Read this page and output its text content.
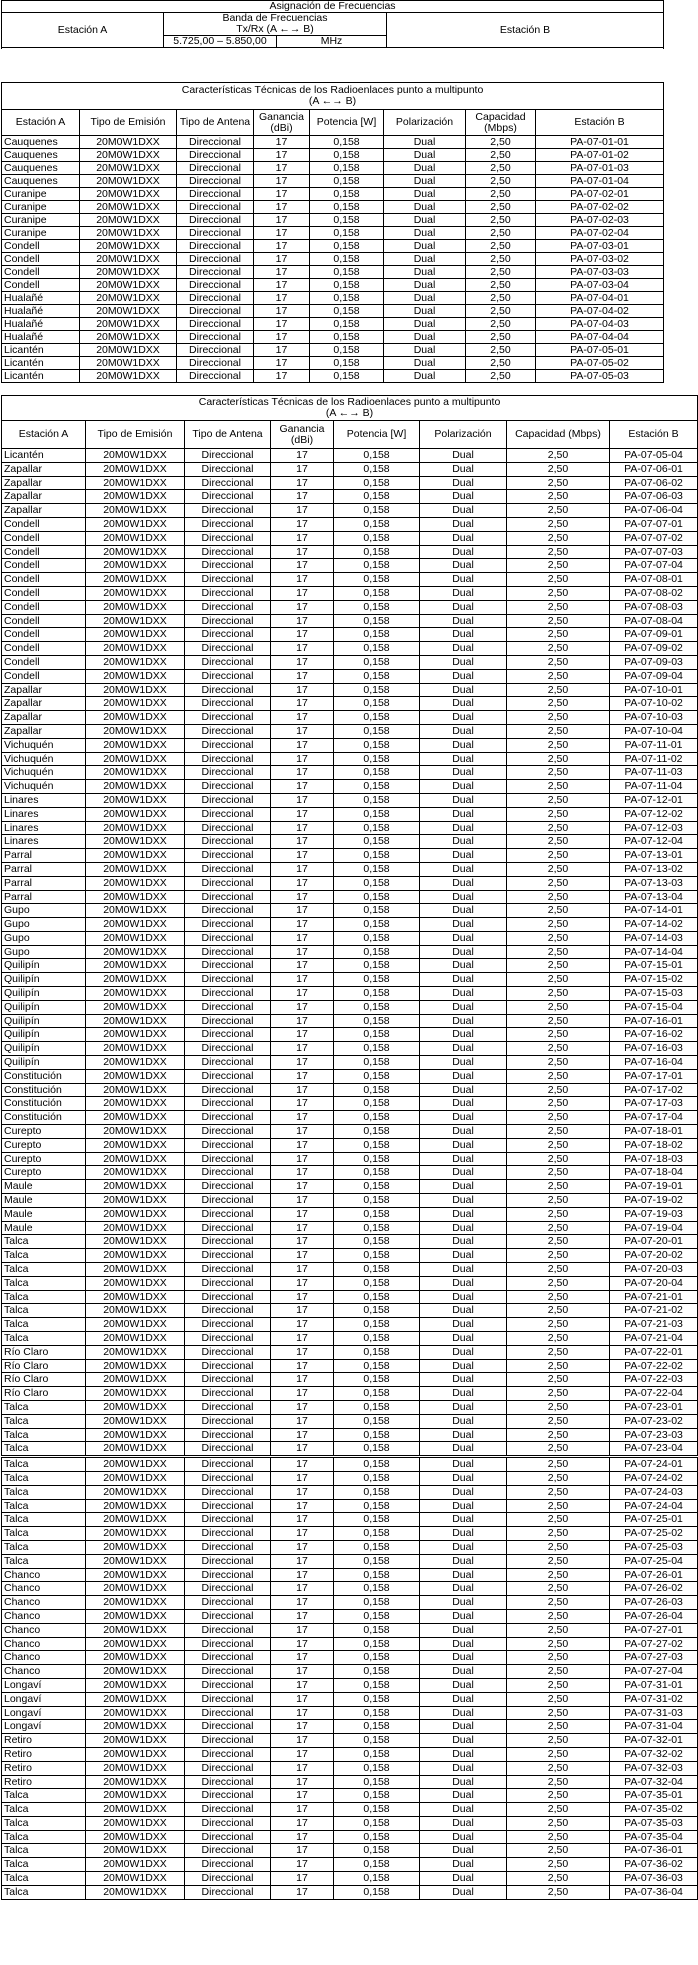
Asignación de Frecuencias			
Estación A	Banda de Frecuencias		Estación B
	Tx/Rx (A ←→ B)		
	5.725,00 – 5.850,00	MHz	

Características Técnicas de los Radioenlaces punto a multipunto
(A ←→ B)							
Estación A	Tipo de Emisión	Tipo de Antena	Ganancia (dBi)	Potencia [W]	Polarización	Capacidad (Mbps)	Estación B
Cauquenes	20M0W1DXX	Direccional	17	0,158	Dual	2,50	PA-07-01-01
Cauquenes	20M0W1DXX	Direccional	17	0,158	Dual	2,50	PA-07-01-02
Cauquenes	20M0W1DXX	Direccional	17	0,158	Dual	2,50	PA-07-01-03
Cauquenes	20M0W1DXX	Direccional	17	0,158	Dual	2,50	PA-07-01-04
Curanipe	20M0W1DXX	Direccional	17	0,158	Dual	2,50	PA-07-02-01
Curanipe	20M0W1DXX	Direccional	17	0,158	Dual	2,50	PA-07-02-02
Curanipe	20M0W1DXX	Direccional	17	0,158	Dual	2,50	PA-07-02-03
Curanipe	20M0W1DXX	Direccional	17	0,158	Dual	2,50	PA-07-02-04
Condell	20M0W1DXX	Direccional	17	0,158	Dual	2,50	PA-07-03-01
Condell	20M0W1DXX	Direccional	17	0,158	Dual	2,50	PA-07-03-02
Condell	20M0W1DXX	Direccional	17	0,158	Dual	2,50	PA-07-03-03
Condell	20M0W1DXX	Direccional	17	0,158	Dual	2,50	PA-07-03-04
Hualañé	20M0W1DXX	Direccional	17	0,158	Dual	2,50	PA-07-04-01
Hualañé	20M0W1DXX	Direccional	17	0,158	Dual	2,50	PA-07-04-02
Hualañé	20M0W1DXX	Direccional	17	0,158	Dual	2,50	PA-07-04-03
Hualañé	20M0W1DXX	Direccional	17	0,158	Dual	2,50	PA-07-04-04
Licantén	20M0W1DXX	Direccional	17	0,158	Dual	2,50	PA-07-05-01
Licantén	20M0W1DXX	Direccional	17	0,158	Dual	2,50	PA-07-05-02
Licantén	20M0W1DXX	Direccional	17	0,158	Dual	2,50	PA-07-05-03
Características Técnicas de los Radioenlaces punto a multipunto
(A ←→ B)							
Estación A	Tipo de Emisión	Tipo de Antena	Ganancia (dBi)	Potencia [W]	Polarización	Capacidad (Mbps)	Estación B
Licantén	20M0W1DXX	Direccional	17	0,158	Dual	2,50	PA-07-05-04
Zapallar	20M0W1DXX	Direccional	17	0,158	Dual	2,50	PA-07-06-01
Zapallar	20M0W1DXX	Direccional	17	0,158	Dual	2,50	PA-07-06-02
Zapallar	20M0W1DXX	Direccional	17	0,158	Dual	2,50	PA-07-06-03
Zapallar	20M0W1DXX	Direccional	17	0,158	Dual	2,50	PA-07-06-04
Condell	20M0W1DXX	Direccional	17	0,158	Dual	2,50	PA-07-07-01
Condell	20M0W1DXX	Direccional	17	0,158	Dual	2,50	PA-07-07-02
Condell	20M0W1DXX	Direccional	17	0,158	Dual	2,50	PA-07-07-03
Condell	20M0W1DXX	Direccional	17	0,158	Dual	2,50	PA-07-07-04
Condell	20M0W1DXX	Direccional	17	0,158	Dual	2,50	PA-07-08-01
Condell	20M0W1DXX	Direccional	17	0,158	Dual	2,50	PA-07-08-02
Condell	20M0W1DXX	Direccional	17	0,158	Dual	2,50	PA-07-08-03
Condell	20M0W1DXX	Direccional	17	0,158	Dual	2,50	PA-07-08-04
Condell	20M0W1DXX	Direccional	17	0,158	Dual	2,50	PA-07-09-01
Condell	20M0W1DXX	Direccional	17	0,158	Dual	2,50	PA-07-09-02
Condell	20M0W1DXX	Direccional	17	0,158	Dual	2,50	PA-07-09-03
Condell	20M0W1DXX	Direccional	17	0,158	Dual	2,50	PA-07-09-04
Zapallar	20M0W1DXX	Direccional	17	0,158	Dual	2,50	PA-07-10-01
Zapallar	20M0W1DXX	Direccional	17	0,158	Dual	2,50	PA-07-10-02
Zapallar	20M0W1DXX	Direccional	17	0,158	Dual	2,50	PA-07-10-03
Zapallar	20M0W1DXX	Direccional	17	0,158	Dual	2,50	PA-07-10-04
Vichuquén	20M0W1DXX	Direccional	17	0,158	Dual	2,50	PA-07-11-01
Vichuquén	20M0W1DXX	Direccional	17	0,158	Dual	2,50	PA-07-11-02
Vichuquén	20M0W1DXX	Direccional	17	0,158	Dual	2,50	PA-07-11-03
Vichuquén	20M0W1DXX	Direccional	17	0,158	Dual	2,50	PA-07-11-04
Linares	20M0W1DXX	Direccional	17	0,158	Dual	2,50	PA-07-12-01
Linares	20M0W1DXX	Direccional	17	0,158	Dual	2,50	PA-07-12-02
Linares	20M0W1DXX	Direccional	17	0,158	Dual	2,50	PA-07-12-03
Linares	20M0W1DXX	Direccional	17	0,158	Dual	2,50	PA-07-12-04
Parral	20M0W1DXX	Direccional	17	0,158	Dual	2,50	PA-07-13-01
Parral	20M0W1DXX	Direccional	17	0,158	Dual	2,50	PA-07-13-02
Parral	20M0W1DXX	Direccional	17	0,158	Dual	2,50	PA-07-13-03
Parral	20M0W1DXX	Direccional	17	0,158	Dual	2,50	PA-07-13-04
Gupo	20M0W1DXX	Direccional	17	0,158	Dual	2,50	PA-07-14-01
Gupo	20M0W1DXX	Direccional	17	0,158	Dual	2,50	PA-07-14-02
Gupo	20M0W1DXX	Direccional	17	0,158	Dual	2,50	PA-07-14-03
Gupo	20M0W1DXX	Direccional	17	0,158	Dual	2,50	PA-07-14-04
Quilipín	20M0W1DXX	Direccional	17	0,158	Dual	2,50	PA-07-15-01
Quilipín	20M0W1DXX	Direccional	17	0,158	Dual	2,50	PA-07-15-02
Quilipín	20M0W1DXX	Direccional	17	0,158	Dual	2,50	PA-07-15-03
Quilipín	20M0W1DXX	Direccional	17	0,158	Dual	2,50	PA-07-15-04
Quilipín	20M0W1DXX	Direccional	17	0,158	Dual	2,50	PA-07-16-01
Quilipín	20M0W1DXX	Direccional	17	0,158	Dual	2,50	PA-07-16-02
Quilipín	20M0W1DXX	Direccional	17	0,158	Dual	2,50	PA-07-16-03
Quilipín	20M0W1DXX	Direccional	17	0,158	Dual	2,50	PA-07-16-04
Constitución	20M0W1DXX	Direccional	17	0,158	Dual	2,50	PA-07-17-01
Constitución	20M0W1DXX	Direccional	17	0,158	Dual	2,50	PA-07-17-02
Constitución	20M0W1DXX	Direccional	17	0,158	Dual	2,50	PA-07-17-03
Constitución	20M0W1DXX	Direccional	17	0,158	Dual	2,50	PA-07-17-04
Curepto	20M0W1DXX	Direccional	17	0,158	Dual	2,50	PA-07-18-01
Curepto	20M0W1DXX	Direccional	17	0,158	Dual	2,50	PA-07-18-02
Curepto	20M0W1DXX	Direccional	17	0,158	Dual	2,50	PA-07-18-03
Curepto	20M0W1DXX	Direccional	17	0,158	Dual	2,50	PA-07-18-04
Maule	20M0W1DXX	Direccional	17	0,158	Dual	2,50	PA-07-19-01
Maule	20M0W1DXX	Direccional	17	0,158	Dual	2,50	PA-07-19-02
Maule	20M0W1DXX	Direccional	17	0,158	Dual	2,50	PA-07-19-03
Maule	20M0W1DXX	Direccional	17	0,158	Dual	2,50	PA-07-19-04
Talca	20M0W1DXX	Direccional	17	0,158	Dual	2,50	PA-07-20-01
Talca	20M0W1DXX	Direccional	17	0,158	Dual	2,50	PA-07-20-02
Talca	20M0W1DXX	Direccional	17	0,158	Dual	2,50	PA-07-20-03
Talca	20M0W1DXX	Direccional	17	0,158	Dual	2,50	PA-07-20-04
Talca	20M0W1DXX	Direccional	17	0,158	Dual	2,50	PA-07-21-01
Talca	20M0W1DXX	Direccional	17	0,158	Dual	2,50	PA-07-21-02
Talca	20M0W1DXX	Direccional	17	0,158	Dual	2,50	PA-07-21-03
Talca	20M0W1DXX	Direccional	17	0,158	Dual	2,50	PA-07-21-04
Río Claro	20M0W1DXX	Direccional	17	0,158	Dual	2,50	PA-07-22-01
Río Claro	20M0W1DXX	Direccional	17	0,158	Dual	2,50	PA-07-22-02
Río Claro	20M0W1DXX	Direccional	17	0,158	Dual	2,50	PA-07-22-03
Río Claro	20M0W1DXX	Direccional	17	0,158	Dual	2,50	PA-07-22-04
Talca	20M0W1DXX	Direccional	17	0,158	Dual	2,50	PA-07-23-01
Talca	20M0W1DXX	Direccional	17	0,158	Dual	2,50	PA-07-23-02
Talca	20M0W1DXX	Direccional	17	0,158	Dual	2,50	PA-07-23-03
Talca	20M0W1DXX	Direccional	17	0,158	Dual	2,50	PA-07-23-04
Talca	20M0W1DXX	Direccional	17	0,158	Dual	2,50	PA-07-24-01
Talca	20M0W1DXX	Direccional	17	0,158	Dual	2,50	PA-07-24-02
Talca	20M0W1DXX	Direccional	17	0,158	Dual	2,50	PA-07-24-03
Talca	20M0W1DXX	Direccional	17	0,158	Dual	2,50	PA-07-24-04
Talca	20M0W1DXX	Direccional	17	0,158	Dual	2,50	PA-07-25-01
Talca	20M0W1DXX	Direccional	17	0,158	Dual	2,50	PA-07-25-02
Talca	20M0W1DXX	Direccional	17	0,158	Dual	2,50	PA-07-25-03
Talca	20M0W1DXX	Direccional	17	0,158	Dual	2,50	PA-07-25-04
Chanco	20M0W1DXX	Direccional	17	0,158	Dual	2,50	PA-07-26-01
Chanco	20M0W1DXX	Direccional	17	0,158	Dual	2,50	PA-07-26-02
Chanco	20M0W1DXX	Direccional	17	0,158	Dual	2,50	PA-07-26-03
Chanco	20M0W1DXX	Direccional	17	0,158	Dual	2,50	PA-07-26-04
Chanco	20M0W1DXX	Direccional	17	0,158	Dual	2,50	PA-07-27-01
Chanco	20M0W1DXX	Direccional	17	0,158	Dual	2,50	PA-07-27-02
Chanco	20M0W1DXX	Direccional	17	0,158	Dual	2,50	PA-07-27-03
Chanco	20M0W1DXX	Direccional	17	0,158	Dual	2,50	PA-07-27-04
Longaví	20M0W1DXX	Direccional	17	0,158	Dual	2,50	PA-07-31-01
Longaví	20M0W1DXX	Direccional	17	0,158	Dual	2,50	PA-07-31-02
Longaví	20M0W1DXX	Direccional	17	0,158	Dual	2,50	PA-07-31-03
Longaví	20M0W1DXX	Direccional	17	0,158	Dual	2,50	PA-07-31-04
Retiro	20M0W1DXX	Direccional	17	0,158	Dual	2,50	PA-07-32-01
Retiro	20M0W1DXX	Direccional	17	0,158	Dual	2,50	PA-07-32-02
Retiro	20M0W1DXX	Direccional	17	0,158	Dual	2,50	PA-07-32-03
Retiro	20M0W1DXX	Direccional	17	0,158	Dual	2,50	PA-07-32-04
Talca	20M0W1DXX	Direccional	17	0,158	Dual	2,50	PA-07-35-01
Talca	20M0W1DXX	Direccional	17	0,158	Dual	2,50	PA-07-35-02
Talca	20M0W1DXX	Direccional	17	0,158	Dual	2,50	PA-07-35-03
Talca	20M0W1DXX	Direccional	17	0,158	Dual	2,50	PA-07-35-04
Talca	20M0W1DXX	Direccional	17	0,158	Dual	2,50	PA-07-36-01
Talca	20M0W1DXX	Direccional	17	0,158	Dual	2,50	PA-07-36-02
Talca	20M0W1DXX	Direccional	17	0,158	Dual	2,50	PA-07-36-03
Talca	20M0W1DXX	Direccional	17	0,158	Dual	2,50	PA-07-36-04
